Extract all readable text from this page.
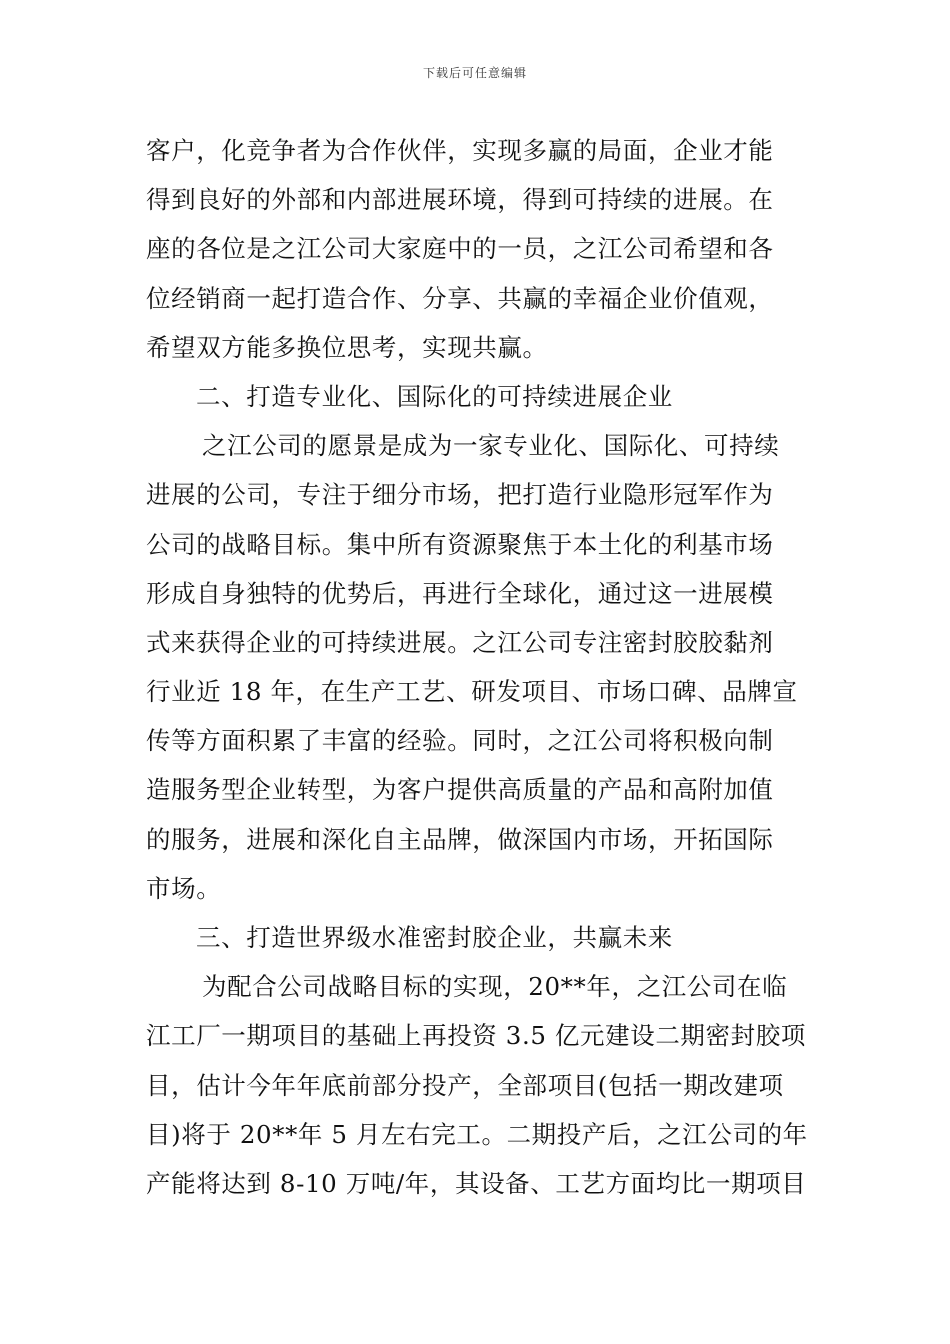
下载后可任意编辑
客户，化竞争者为合作伙伴，实现多赢的局面，企业才能
得到良好的外部和内部进展环境，得到可持续的进展。在
座的各位是之江公司大家庭中的一员，之江公司希望和各
位经销商一起打造合作、分享、共赢的幸福企业价值观，
希望双方能多换位思考，实现共赢。
二、打造专业化、国际化的可持续进展企业
之江公司的愿景是成为一家专业化、国际化、可持续
进展的公司，专注于细分市场，把打造行业隐形冠军作为
公司的战略目标。集中所有资源聚焦于本土化的利基市场
形成自身独特的优势后，再进行全球化，通过这一进展模
式来获得企业的可持续进展。之江公司专注密封胶胶黏剂
行业近 18 年，在生产工艺、研发项目、市场口碑、品牌宣
传等方面积累了丰富的经验。同时，之江公司将积极向制
造服务型企业转型，为客户提供高质量的产品和高附加值
的服务，进展和深化自主品牌，做深国内市场，开拓国际
市场。
三、打造世界级水准密封胶企业，共赢未来
为配合公司战略目标的实现，20**年，之江公司在临
江工厂一期项目的基础上再投资 3.5 亿元建设二期密封胶项
目，估计今年年底前部分投产，全部项目(包括一期改建项
目)将于 20**年 5 月左右完工。二期投产后，之江公司的年
产能将达到 8-10 万吨/年，其设备、工艺方面均比一期项目
